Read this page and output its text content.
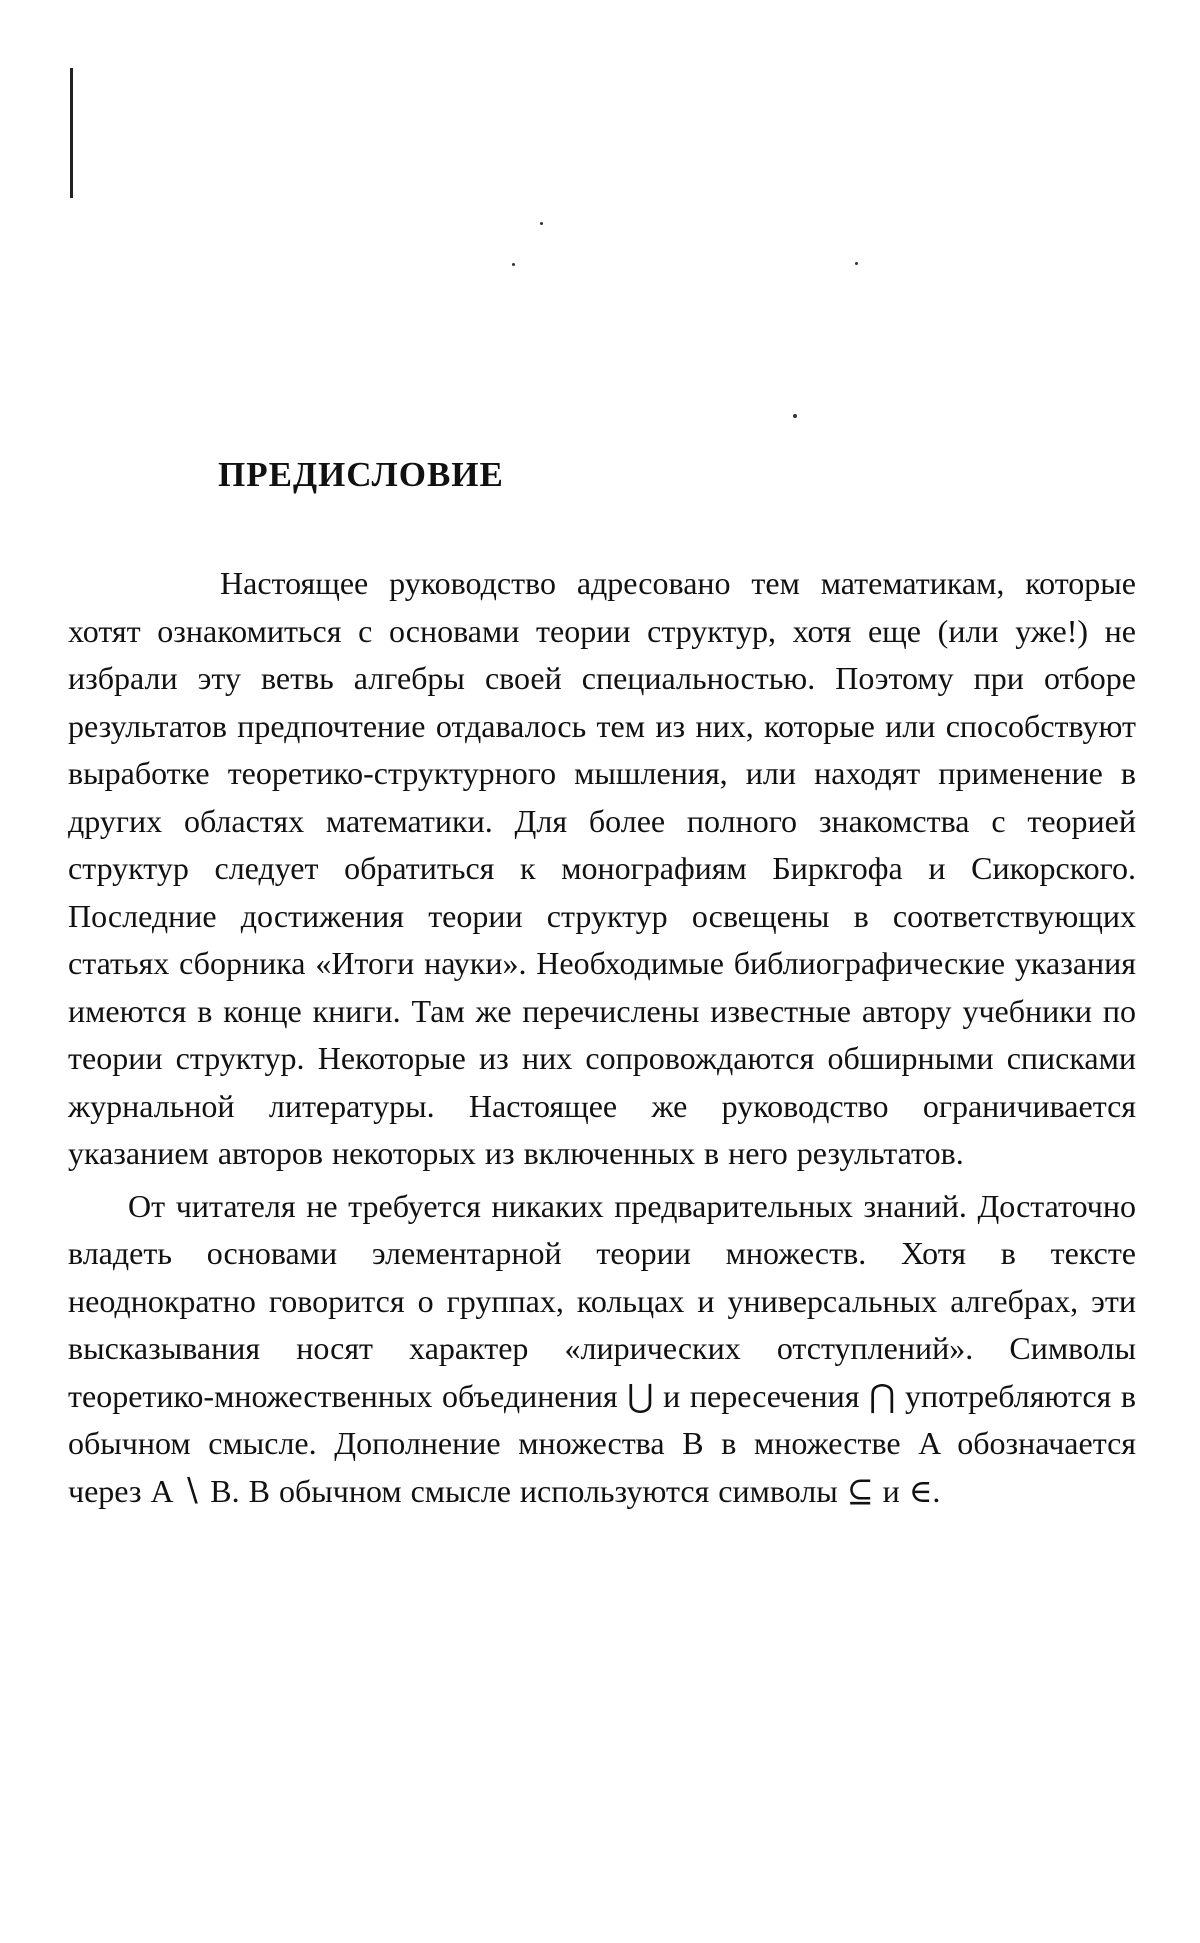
ПРЕДИСЛОВИЕ

Настоящее руководство адресовано тем математикам, которые хотят ознакомиться с основами теории структур, хотя еще (или уже!) не избрали эту ветвь алгебры своей специальностью. Поэтому при отборе результатов предпочтение отдавалось тем из них, которые или способствуют выработке теоретико-структурного мышления, или находят применение в других областях математики. Для более полного знакомства с теорией структур следует обратиться к монографиям Биркгофа и Сикорского. Последние достижения теории структур освещены в соответствующих статьях сборника «Итоги науки». Необходимые библиографические указания имеются в конце книги. Там же перечислены известные автору учебники по теории структур. Некоторые из них сопровождаются обширными списками журнальной литературы. Настоящее же руководство ограничивается указанием авторов некоторых из включенных в него результатов.

От читателя не требуется никаких предварительных знаний. Достаточно владеть основами элементарной теории множеств. Хотя в тексте неоднократно говорится о группах, кольцах и универсальных алгебрах, эти высказывания носят характер «лирических отступлений». Символы теоретико-множественных объединения ⋃ и пересечения ⋂ употребляются в обычном смысле. Дополнение множества B в множестве A обозначается через A ∖ B. В обычном смысле используются символы ⊆ и ∈.
